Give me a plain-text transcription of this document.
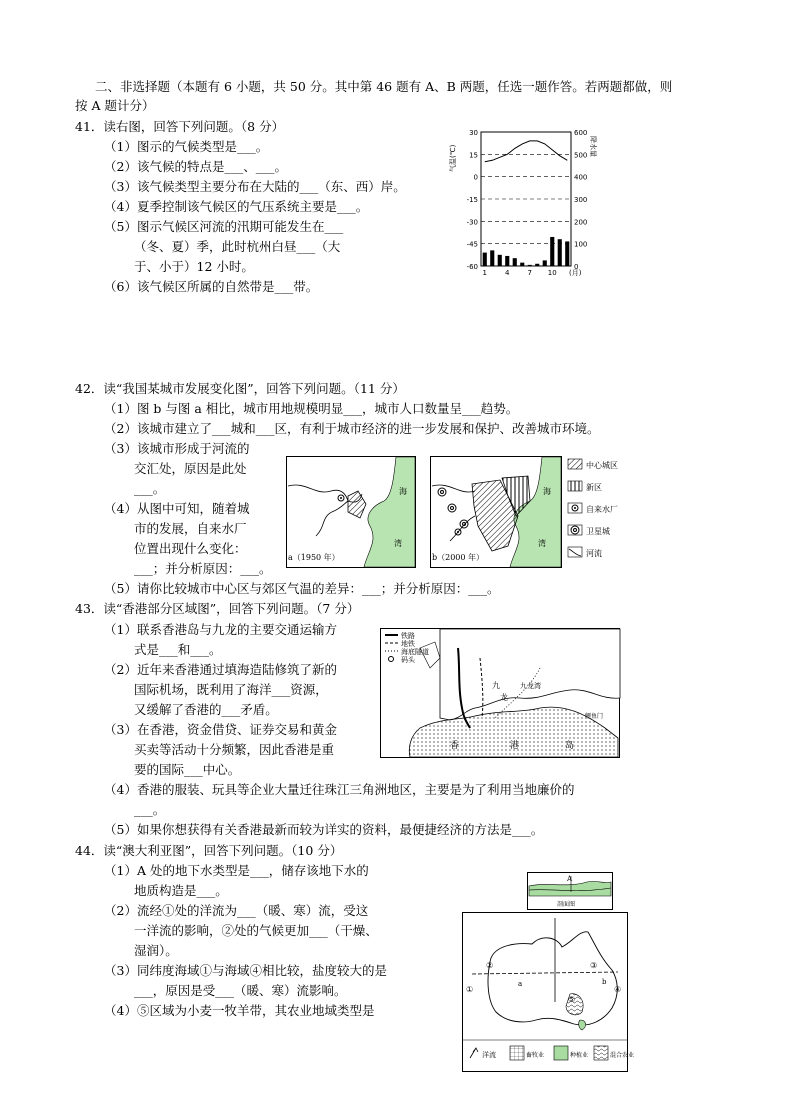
二、非选择题（本题有 6 小题，共 50 分。其中第 46 题有 A、B 两题，任选一题作答。若两题都做，则
按 A 题计分）
41．读右图，回答下列问题。（8 分）
（1）图示的气候类型是___。
（2）该气候的特点是___、___。
（3）该气候类型主要分布在大陆的___（东、西）岸。
（4）夏季控制该气候区的气压系统主要是___。
（5）图示气候区河流的汛期可能发生在___
（冬、夏）季，此时杭州白昼___（大
于、小于）12 小时。
（6）该气候区所属的自然带是___带。
30	600
15	500
0	400
-15	300
-30	200
-45	100
-60	0
1	4	7 10 (月)
气温(℃)	降水量
42．读“我国某城市发展变化图”，回答下列问题。（11 分）
（1）图 b 与图 a 相比，城市用地规模明显___，城市人口数量呈___趋势。
（2）该城市建立了___城和___区，有利于城市经济的进一步发展和保护、改善城市环境。
（3）该城市形成于河流的
交汇处，原因是此处
___。
（4）从图中可知，随着城
市的发展，自来水厂
位置出现什么变化：
___；并分析原因：___。
（5）请你比较城市中心区与郊区气温的差异：___；并分析原因：___。
海
湾
a（1950 年）
海
湾
b（2000 年）
中心城区
新区
自来水厂
卫星城
河流
43．读“香港部分区域图”，回答下列问题。（7 分）
（1）联系香港岛与九龙的主要交通运输方
式是___和___。
（2）近年来香港通过填海造陆修筑了新的
国际机场，既利用了海洋___资源，
又缓解了香港的___矛盾。
（3）在香港，资金借贷、证券交易和黄金
买卖等活动十分频繁，因此香港是重
要的国际___中心。
（4）香港的服装、玩具等企业大量迁往珠江三角洲地区，主要是为了利用当地廉价的
___。
（5）如果你想获得有关香港最新而较为详实的资料，最便捷经济的方法是___。
铁路
地铁
海底隧道
码头
九
龙
九龙湾
香	港	岛
鲤鱼门
44．读“澳大利亚图”，回答下列问题。（10 分）
（1）A 处的地下水类型是___，储存该地下水的
地质构造是___。
（2）流经①处的洋流为___（暖、寒）流，受这
一洋流的影响，②处的气候更加___（干燥、
湿润）。
（3）同纬度海域①与海域④相比较，盐度较大的是
___，原因是受___（暖、寒）流影响。
（4）⑤区域为小麦一牧羊带，其农业地域类型是
A
剖面图
②	③
①	④
⑤
a	b
洋流	畜牧业	种植业	混合农业
